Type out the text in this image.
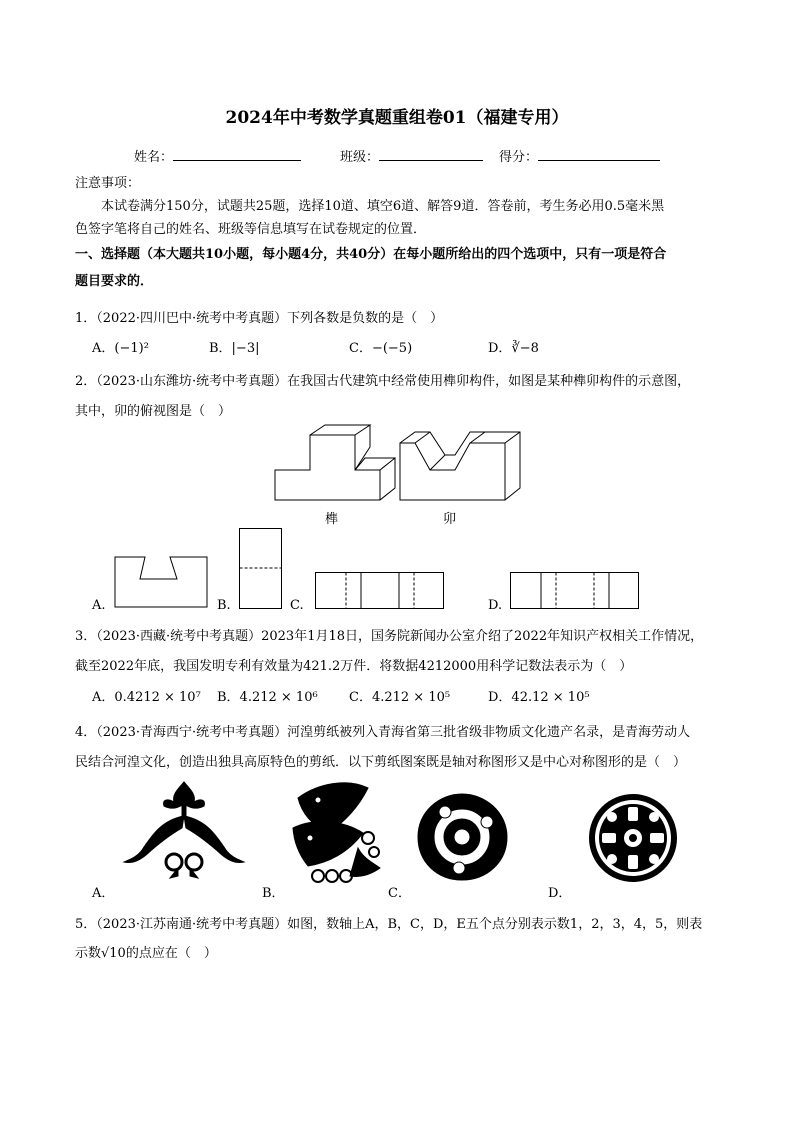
2024年中考数学真题重组卷01（福建专用）
姓名：	班级：	得分：
注意事项：
本试卷满分150分，试题共25题，选择10道、填空6道、解答9道．答卷前，考生务必用0.5毫米黑
色签字笔将自己的姓名、班级等信息填写在试卷规定的位置．
一、选择题（本大题共10小题，每小题4分，共40分）在每小题所给出的四个选项中，只有一项是符合
题目要求的．
1．（2022·四川巴中·统考中考真题）下列各数是负数的是（　）
A．(−1)²	B．|−3|	C．−(−5)	D．∛−8
2．（2023·山东潍坊·统考中考真题）在我国古代建筑中经常使用榫卯构件，如图是某种榫卯构件的示意图，
其中，卯的俯视图是（　）
榫	卯
A.	B.	C.	D.
3．（2023·西藏·统考中考真题）2023年1月18日，国务院新闻办公室介绍了2022年知识产权相关工作情况，
截至2022年底，我国发明专利有效量为421.2万件．将数据4212000用科学记数法表示为（　）
A．0.4212 × 10⁷ B．4.212 × 10⁶ C．4.212 × 10⁵	D．42.12 × 10⁵
4．（2023·青海西宁·统考中考真题）河湟剪纸被列入青海省第三批省级非物质文化遗产名录，是青海劳动人
民结合河湟文化，创造出独具高原特色的剪纸．以下剪纸图案既是轴对称图形又是中心对称图形的是（　）
A．	B．	C．	D．
5．（2023·江苏南通·统考中考真题）如图，数轴上A，B，C，D，E五个点分别表示数1，2，3，4，5，则表
示数√10的点应在（　）
